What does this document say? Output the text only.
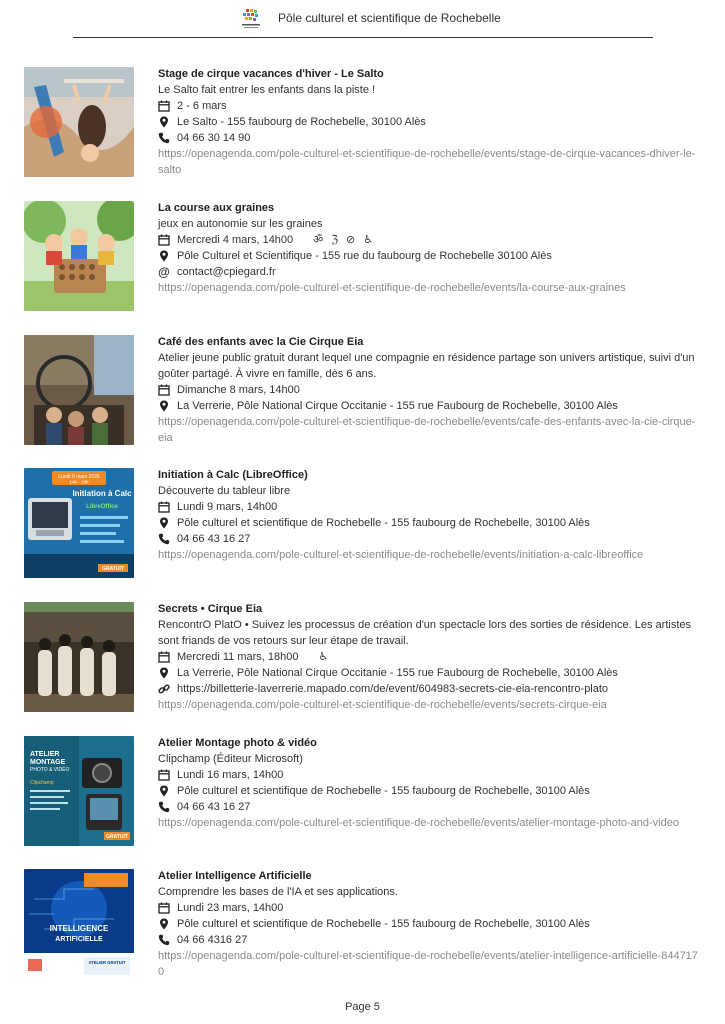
Pôle culturel et scientifique de Rochebelle
Stage de cirque vacances d'hiver - Le Salto
Le Salto fait entrer les enfants dans la piste !
2 - 6 mars
Le Salto - 155 faubourg de Rochebelle, 30100 Alès
04 66 30 14 90
https://openagenda.com/pole-culturel-et-scientifique-de-rochebelle/events/stage-de-cirque-vacances-dhiver-le-salto
La course aux graines
jeux en autonomie sur les graines
Mercredi 4 mars, 14h00 ॐ ℨ ⊘ ♿
Pôle Culturel et Scientifique - 155 rue du faubourg de Rochebelle 30100 Alès
@ contact@cpiegard.fr
https://openagenda.com/pole-culturel-et-scientifique-de-rochebelle/events/la-course-aux-graines
Café des enfants avec la Cie Cirque Eia
Atelier jeune public gratuit durant lequel une compagnie en résidence partage son univers artistique, suivi d'un goûter partagé. À vivre en famille, dès 6 ans.
Dimanche 8 mars, 14h00
La Verrerie, Pôle National Cirque Occitanie - 155 rue Faubourg de Rochebelle, 30100 Alès
https://openagenda.com/pole-culturel-et-scientifique-de-rochebelle/events/cafe-des-enfants-avec-la-cie-cirque-eia
Lundi 9 mars 2026
14h - 16h
Initiation à Calc
LibreOffice
GRATUIT
Initiation à Calc (LibreOffice)
Découverte du tableur libre
Lundi 9 mars, 14h00
Pôle culturel et scientifique de Rochebelle - 155 faubourg de Rochebelle, 30100 Alès
04 66 43 16 27
https://openagenda.com/pole-culturel-et-scientifique-de-rochebelle/events/initiation-a-calc-libreoffice
Secrets • Cirque Eia
RencontrO PlatO • Suivez les processus de création d'un spectacle lors des sorties de résidence. Les artistes sont friands de vos retours sur leur étape de travail.
Mercredi 11 mars, 18h00 ♿
La Verrerie, Pôle National Cirque Occitanie - 155 rue Faubourg de Rochebelle, 30100 Alès
https://billetterie-laverrerie.mapado.com/de/event/604983-secrets-cie-eia-rencontro-plato
https://openagenda.com/pole-culturel-et-scientifique-de-rochebelle/events/secrets-cirque-eia
ATELIER
MONTAGE
PHOTO & VIDÉO
Clipchamp
GRATUIT
Atelier Montage photo & vidéo
Clipchamp (Éditeur Microsoft)
Lundi 16 mars, 14h00
Pôle culturel et scientifique de Rochebelle - 155 faubourg de Rochebelle, 30100 Alès
04 66 43 16 27
https://openagenda.com/pole-culturel-et-scientifique-de-rochebelle/events/atelier-montage-photo-and-video
INTELLIGENCE
ARTIFICIELLE
ATELIER GRATUIT
Atelier Intelligence Artificielle
Comprendre les bases de l'IA et ses applications.
Lundi 23 mars, 14h00
Pôle culturel et scientifique de Rochebelle - 155 faubourg de Rochebelle, 30100 Alès
04 66 4316 27
https://openagenda.com/pole-culturel-et-scientifique-de-rochebelle/events/atelier-intelligence-artificielle-8447170
Page 5
